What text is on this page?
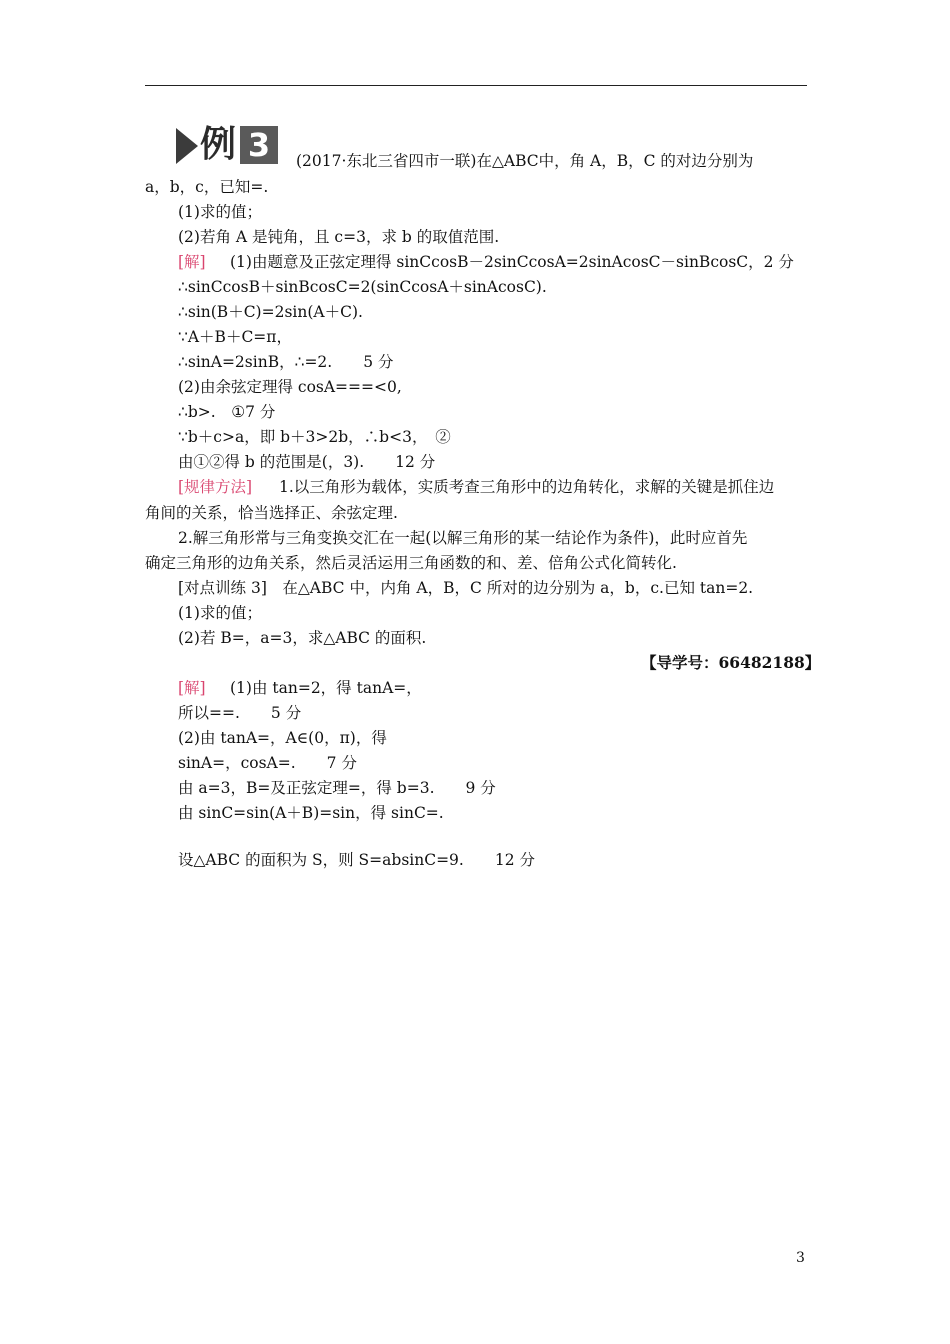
例 3	(2017·东北三省四市一联)在△ABC中，角 A，B，C 的对边分别为
a，b，c，已知=.
(1)求的值；
(2)若角 A 是钝角，且 c=3，求 b 的取值范围.
[解] (1)由题意及正弦定理得 sinCcosB－2sinCcosA=2sinAcosC－sinBcosC，2 分
∴sinCcosB＋sinBcosC=2(sinCcosA＋sinAcosC).
∴sin(B＋C)=2sin(A＋C).
∵A＋B＋C=π，
∴sinA=2sinB，∴=2.　　5 分
(2)由余弦定理得 cosA===<0,
∴b>.　①7 分
∵b＋c>a，即 b＋3>2b，∴b<3，　②
由①②得 b 的范围是(，3).　　12 分
[规律方法] 1.以三角形为载体，实质考查三角形中的边角转化，求解的关键是抓住边
角间的关系，恰当选择正、余弦定理.
2.解三角形常与三角变换交汇在一起(以解三角形的某一结论作为条件)，此时应首先
确定三角形的边角关系，然后灵活运用三角函数的和、差、倍角公式化简转化.
[对点训练 3]　在△ABC 中，内角 A，B，C 所对的边分别为 a，b，c.已知 tan=2.
(1)求的值；
(2)若 B=，a=3，求△ABC 的面积.
【导学号：66482188】
[解] (1)由 tan=2，得 tanA=，
所以==.　　5 分
(2)由 tanA=，A∈(0，π)，得
sinA=，cosA=.　　7 分
由 a=3，B=及正弦定理=，得 b=3.　　9 分
由 sinC=sin(A＋B)=sin，得 sinC=.
设△ABC 的面积为 S，则 S=absinC=9.　　12 分
3
